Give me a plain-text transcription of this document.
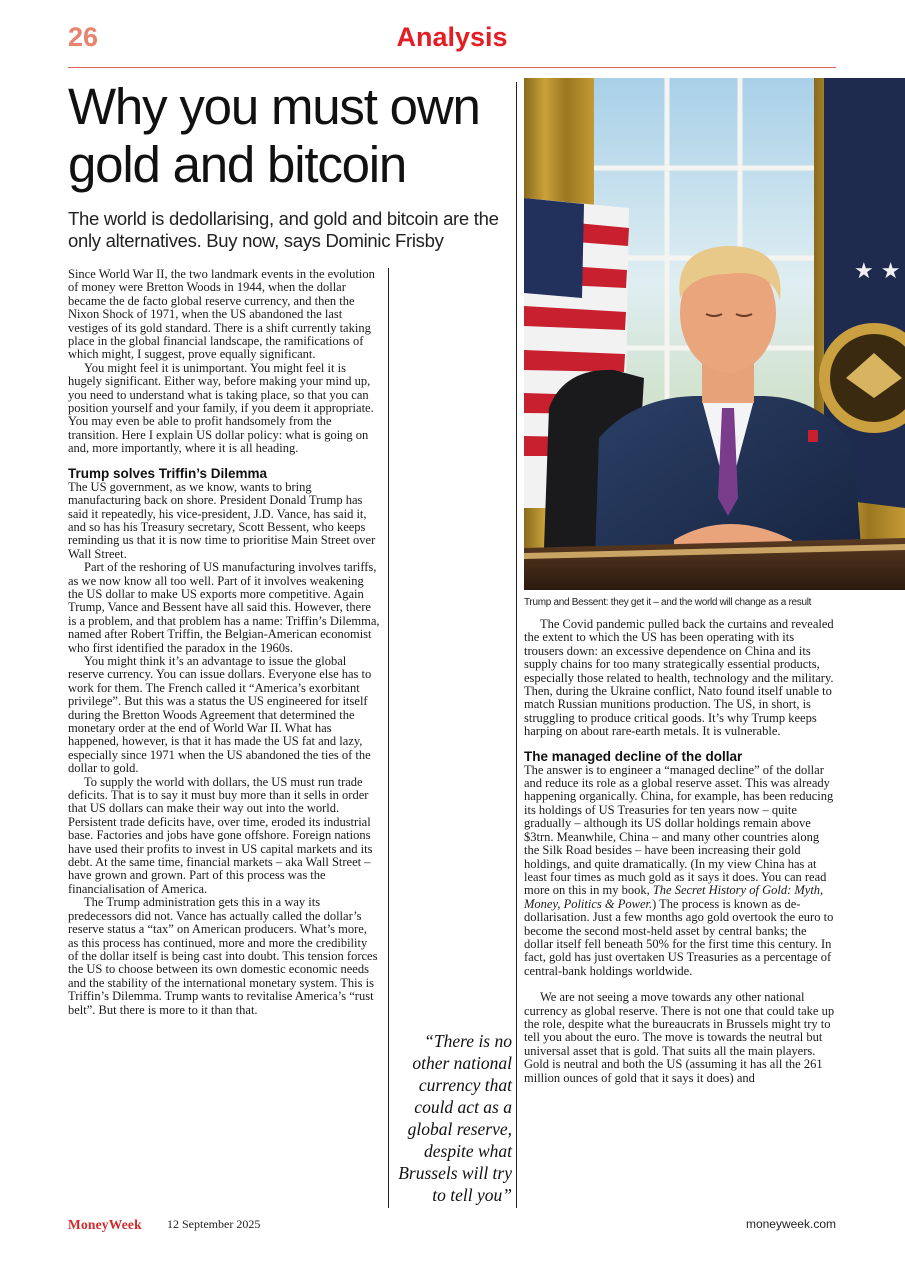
26	Analysis
Why you must own gold and bitcoin
The world is dedollarising, and gold and bitcoin are the only alternatives. Buy now, says Dominic Frisby

Since World War II, the two landmark events in the evolution of money were Bretton Woods in 1944, when the dollar became the de facto global reserve currency, and then the Nixon Shock of 1971, when the US abandoned the last vestiges of its gold standard. There is a shift currently taking place in the global financial landscape, the ramifications of which might, I suggest, prove equally significant.

You might feel it is unimportant. You might feel it is hugely significant. Either way, before making your mind up, you need to understand what is taking place, so that you can position yourself and your family, if you deem it appropriate. You may even be able to profit handsomely from the transition. Here I explain US dollar policy: what is going on and, more importantly, where it is all heading.

Trump solves Triffin’s Dilemma

The US government, as we know, wants to bring manufacturing back on shore. President Donald Trump has said it repeatedly, his vice-president, J.D. Vance, has said it, and so has his Treasury secretary, Scott Bessent, who keeps reminding us that it is now time to prioritise Main Street over Wall Street.

Part of the reshoring of US manufacturing involves tariffs, as we now know all too well. Part of it involves weakening the US dollar to make US exports more competitive. Again Trump, Vance and Bessent have all said this. However, there is a problem, and that problem has a name: Triffin’s Dilemma, named after Robert Triffin, the Belgian-American economist who first identified the paradox in the 1960s.

You might think it’s an advantage to issue the global reserve currency. You can issue dollars. Everyone else has to work for them. The French called it “America’s exorbitant privilege”. But this was a status the US engineered for itself during the Bretton Woods Agreement that determined the monetary order at the end of World War II. What has happened, however, is that it has made the US fat and lazy, especially since 1971 when the US abandoned the ties of the dollar to gold.

To supply the world with dollars, the US must run trade deficits. That is to say it must buy more than it sells in order that US dollars can make their way out into the world. Persistent trade deficits have, over time, eroded its industrial base. Factories and jobs have gone offshore. Foreign nations have used their profits to invest in US capital markets and its debt. At the same time, financial markets – aka Wall Street – have grown and grown. Part of this process was the financialisation of America.

The Trump administration gets this in a way its predecessors did not. Vance has actually called the dollar’s reserve status a “tax” on American producers. What’s more, as this process has continued, more and more the credibility of the dollar itself is being cast into doubt. This tension forces the US to choose between its own domestic economic needs and the stability of the international monetary system. This is Triffin’s Dilemma. Trump wants to revitalise America’s “rust belt”. But there is more to it than that.

“There is no other national currency that could act as a global reserve, despite what Brussels will try to tell you”
★ ★
Trump and Bessent: they get it – and the world will change as a result

The Covid pandemic pulled back the curtains and revealed the extent to which the US has been operating with its trousers down: an excessive dependence on China and its supply chains for too many strategically essential products, especially those related to health, technology and the military. Then, during the Ukraine conflict, Nato found itself unable to match Russian munitions production. The US, in short, is struggling to produce critical goods. It’s why Trump keeps harping on about rare-earth metals. It is vulnerable.

The managed decline of the dollar

The answer is to engineer a “managed decline” of the dollar and reduce its role as a global reserve asset. This was already happening organically. China, for example, has been reducing its holdings of US Treasuries for ten years now – quite gradually – although its US dollar holdings remain above $3trn. Meanwhile, China – and many other countries along the Silk Road besides – have been increasing their gold holdings, and quite dramatically. (In my view China has at least four times as much gold as it says it does. You can read more on this in my book, The Secret History of Gold: Myth, Money, Politics & Power.) The process is known as de-dollarisation. Just a few months ago gold overtook the euro to become the second most-held asset by central banks; the dollar itself fell beneath 50% for the first time this century. In fact, gold has just overtaken US Treasuries as a percentage of central-bank holdings worldwide.

We are not seeing a move towards any other national currency as global reserve. There is not one that could take up the role, despite what the bureaucrats in Brussels might try to tell you about the euro. The move is towards the neutral but universal asset that is gold. That suits all the main players. Gold is neutral and both the US (assuming it has all the 261 million ounces of gold that it says it does) and

MoneyWeek 12 September 2025	moneyweek.com
